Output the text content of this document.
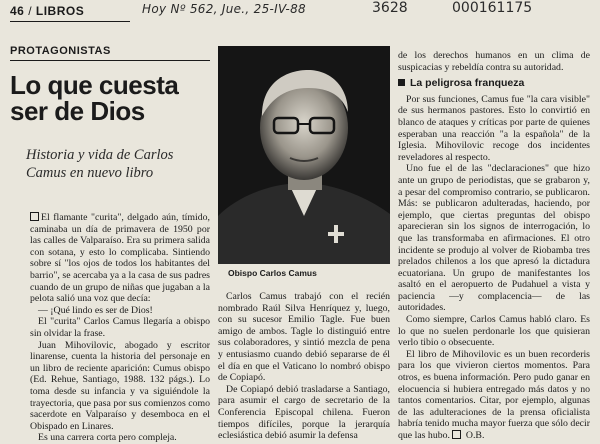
46 / LIBROS	Hoy Nº 562, Jue., 25-IV-88	3628	000161175
PROTAGONISTAS
Lo que cuesta
ser de Dios
Historia y vida de Carlos Camus en nuevo libro

El flamante "curita", delgado aún, tímido, caminaba un día de primavera de 1950 por las calles de Valparaíso. Era su primera salida con sotana, y esto lo complicaba. Sintiendo sobre sí "los ojos de todos los habitantes del barrio", se acercaba ya a la casa de sus padres cuando de un grupo de niñas que jugaban a la pelota salió una voz que decía:

— ¡Qué lindo es ser de Dios!

El "curita" Carlos Camus llegaría a obispo sin olvidar la frase.

Juan Mihovilovic, abogado y escritor linarense, cuenta la historia del personaje en un libro de reciente aparición: Cumus obispo (Ed. Rehue, Santiago, 1988. 132 págs.). Lo toma desde su infancia y va siguiéndole la trayectoria, que pasa por sus comienzos como sacerdote en Valparaíso y desemboca en el Obispado en Linares.

Es una carrera corta pero compleja.

Obispo Carlos Camus

Carlos Camus trabajó con el recién nombrado Raúl Silva Henríquez y, luego, con su sucesor Emilio Tagle. Fue buen amigo de ambos. Tagle lo distinguió entre sus colaboradores, y sintió mezcla de pena y entusiasmo cuando debió separarse de él el día en que el Vaticano lo nombró obispo de Copiapó.

De Copiapó debió trasladarse a Santiago, para asumir el cargo de secretario de la Conferencia Episcopal chilena. Fueron tiempos difíciles, porque la jerarquía eclesiástica debió asumir la defensa

de los derechos humanos en un clima de suspicacias y rebeldía contra su autoridad.

La peligrosa franqueza

Por sus funciones, Camus fue "la cara visible" de sus hermanos pastores. Esto lo convirtió en blanco de ataques y críticas por parte de quienes esperaban una reacción "a la española" de la Iglesia. Mihovilovic recoge dos incidentes reveladores al respecto.

Uno fue el de las "declaraciones" que hizo ante un grupo de periodistas, que se grabaron y, a pesar del compromiso contrario, se publicaron. Más: se publicaron adulteradas, haciendo, por ejemplo, que ciertas preguntas del obispo aparecieran sin los signos de interrogación, lo que las transformaba en afirmaciones. El otro incidente se produjo al volver de Riobamba tres prelados chilenos a los que apresó la dictadura ecuatoriana. Un grupo de manifestantes los asaltó en el aeropuerto de Pudahuel a vista y paciencia —y complacencia— de las autoridades.

Como siempre, Carlos Camus habló claro. Es lo que no suelen perdonarle los que quisieran verlo tibio o obsecuente.

El libro de Mihovilovic es un buen recorderis para los que vivieron ciertos momentos. Para otros, es buena información. Pero pudo ganar en elocuencia si hubiera entregado más datos y no tantos comentarios. Citar, por ejemplo, algunas de las adulteraciones de la prensa oficialista habría tenido mucha mayor fuerza que sólo decir que las hubo. O.B.
